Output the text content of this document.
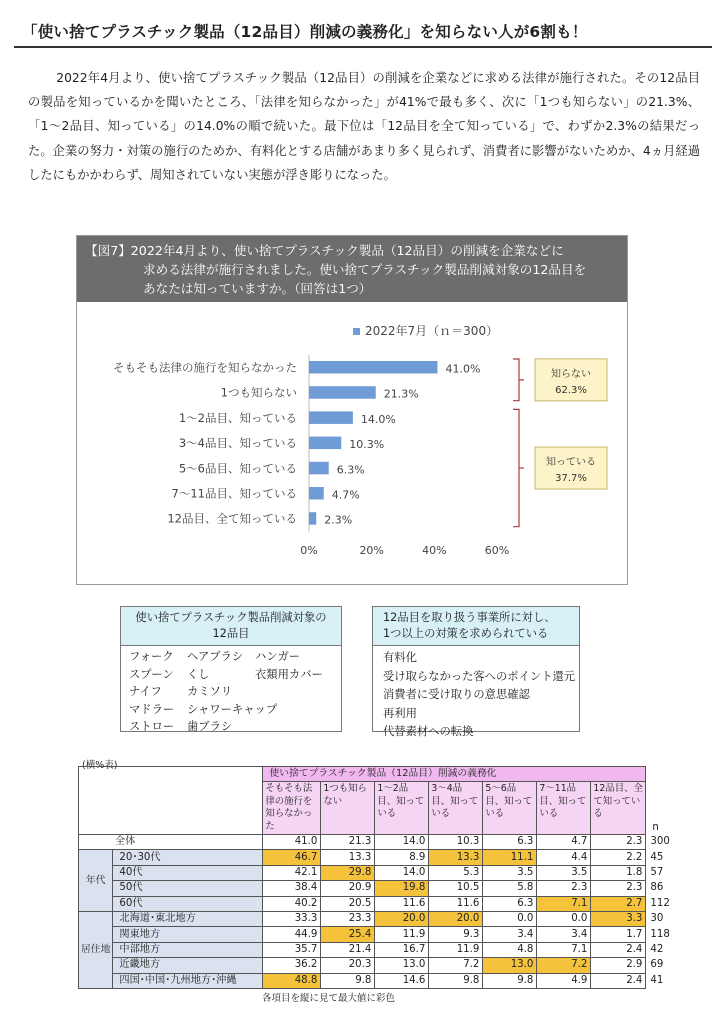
「使い捨てプラスチック製品（12品目）削減の義務化」を知らない人が6割も！

2022年4月より、使い捨てプラスチック製品（12品目）の削減を企業などに求める法律が施行された。その12品目の製品を知っているかを聞いたところ、「法律を知らなかった」が41%で最も多く、次に「1つも知らない」の21.3%、「1～2品目、知っている」の14.0%の順で続いた。最下位は「12品目を全て知っている」で、わずか2.3%の結果だった。企業の努力・対策の施行のためか、有料化とする店舗があまり多く見られず、消費者に影響がないためか、4ヵ月経過したにもかかわらず、周知されていない実態が浮き彫りになった。

【図7】2022年4月より、使い捨てプラスチック製品（12品目）の削減を企業などに
求める法律が施行されました。使い捨てプラスチック製品削減対象の12品目を
あなたは知っていますか。（回答は1つ）
2022年7月（ｎ＝300）
そもそも法律の施行を知らなかった	41.0%
1つも知らない	21.3%
1～2品目、知っている	14.0%
3～4品目、知っている	10.3%
5～6品目、知っている	6.3%
7～11品目、知っている	4.7%
12品目、全て知っている 2.3%
0%	20%	40%	60%
知らない
62.3%
知っている
37.7%
使い捨てプラスチック製品削減対象の
12品目
フォーク	ヘアブラシ	ハンガー
スプーン	くし	衣類用カバー
ナイフ	カミソリ
マドラー	シャワーキャップ
ストロー	歯ブラシ
12品目を取り扱う事業所に対し、
1つ以上の対策を求められている
有料化
受け取らなかった客へのポイント還元
消費者に受け取りの意思確認
再利用
代替素材への転換
(横%表)
		使い捨てプラスチック製品（12品目）削減の義務化							
		そもそも法律の施行を知らなかった	1つも知らない	1～2品目、知っている	3～4品目、知っている	5～6品目、知っている	7～11品目、知っている	12品目、全て知っている	n
全体		41.0	21.3	14.0	10.3	6.3	4.7	2.3	300
年代	20･30代	46.7	13.3	8.9	13.3	11.1	4.4	2.2	45
	40代	42.1	29.8	14.0	5.3	3.5	3.5	1.8	57
	50代	38.4	20.9	19.8	10.5	5.8	2.3	2.3	86
	60代	40.2	20.5	11.6	11.6	6.3	7.1	2.7	112
居住地	北海道･東北地方	33.3	23.3	20.0	20.0	0.0	0.0	3.3	30
	関東地方	44.9	25.4	11.9	9.3	3.4	3.4	1.7	118
	中部地方	35.7	21.4	16.7	11.9	4.8	7.1	2.4	42
	近畿地方	36.2	20.3	13.0	7.2	13.0	7.2	2.9	69
	四国･中国･九州地方･沖縄	48.8	9.8	14.6	9.8	9.8	4.9	2.4	41
各項目を縦に見て最大値に彩色
